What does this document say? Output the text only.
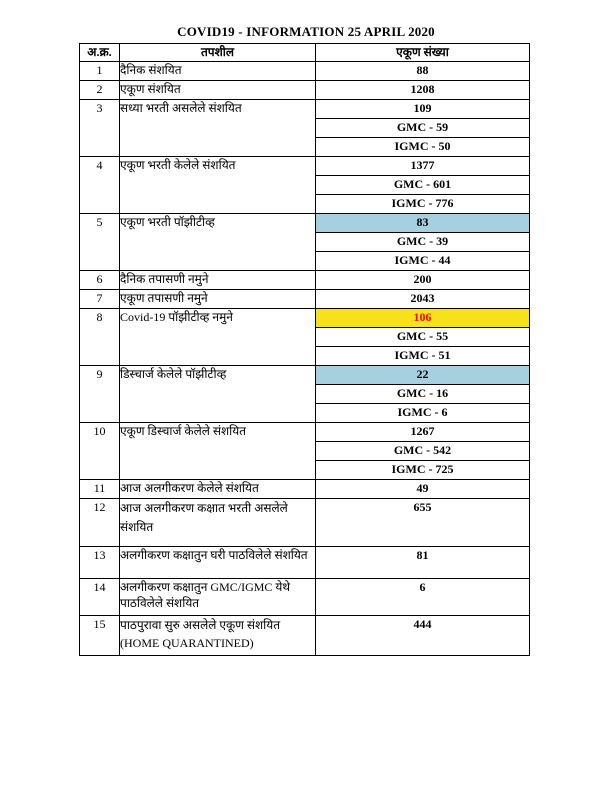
COVID19 - INFORMATION 25 APRIL 2020
अ.क्र.	तपशील	एकूण संख्या
1	दैनिक संशयित	88
2	एकूण संशयित	1208
3	सध्या भरती असलेले संशयित	109
		GMC - 59
		IGMC - 50
4	एकूण भरती केलेले संशयित	1377
		GMC - 601
		IGMC - 776
5	एकूण भरती पॉझीटीव्ह	83
		GMC - 39
		IGMC - 44
6	दैनिक तपासणी नमुने	200
7	एकूण तपासणी नमुने	2043
8	Covid-19 पॉझीटीव्ह नमुने	106
		GMC - 55
		IGMC - 51
9	डिस्चार्ज केलेले पॉझीटीव्ह	22
		GMC - 16
		IGMC - 6
10	एकूण डिस्चार्ज केलेले संशयित	1267
		GMC - 542
		IGMC - 725
11	आज अलगीकरण केलेले संशयित	49
12	आज अलगीकरण कक्षात भरती असलेले संशयित	655
13	अलगीकरण कक्षातुन घरी पाठविलेले संशयित	81
14	अलगीकरण कक्षातुन GMC/IGMC येथे पाठविलेले संशयित	6
15	पाठपुरावा सुरु असलेले एकूण संशयित (HOME QUARANTINED)	444
